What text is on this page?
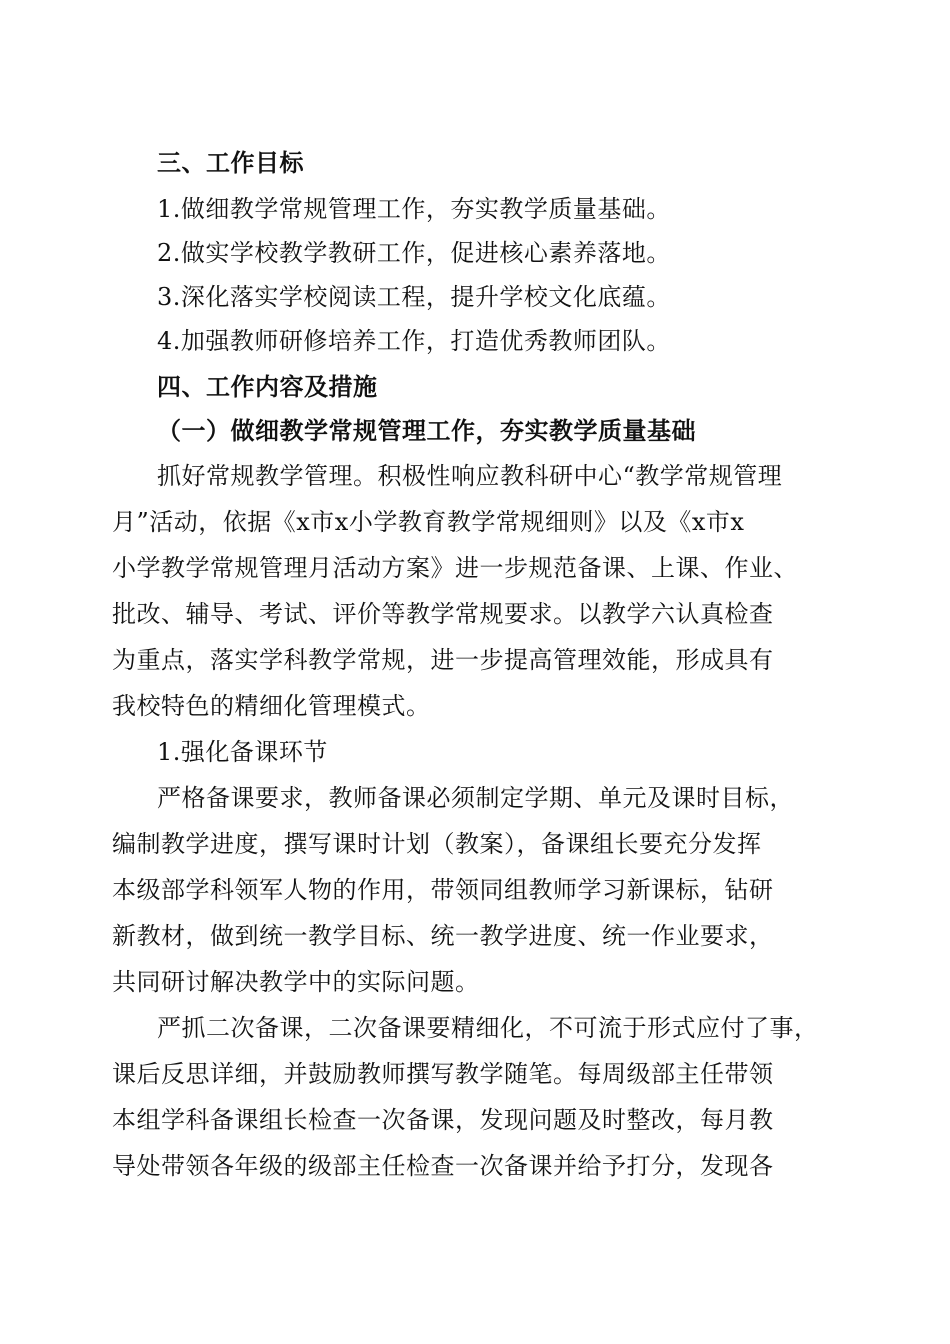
三、工作目标
1.做细教学常规管理工作，夯实教学质量基础。
2.做实学校教学教研工作，促进核心素养落地。
3.深化落实学校阅读工程，提升学校文化底蕴。
4.加强教师研修培养工作，打造优秀教师团队。
四、工作内容及措施
（一）做细教学常规管理工作，夯实教学质量基础
抓好常规教学管理。积极性响应教科研中心“教学常规管理
月”活动，依据《x市x小学教育教学常规细则》以及《x市x
小学教学常规管理月活动方案》进一步规范备课、上课、作业、
批改、辅导、考试、评价等教学常规要求。以教学六认真检查
为重点，落实学科教学常规，进一步提高管理效能，形成具有
我校特色的精细化管理模式。
1.强化备课环节
严格备课要求，教师备课必须制定学期、单元及课时目标，
编制教学进度，撰写课时计划（教案），备课组长要充分发挥
本级部学科领军人物的作用，带领同组教师学习新课标，钻研
新教材，做到统一教学目标、统一教学进度、统一作业要求，
共同研讨解决教学中的实际问题。
严抓二次备课，二次备课要精细化，不可流于形式应付了事，
课后反思详细，并鼓励教师撰写教学随笔。每周级部主任带领
本组学科备课组长检查一次备课，发现问题及时整改，每月教
导处带领各年级的级部主任检查一次备课并给予打分，发现各
